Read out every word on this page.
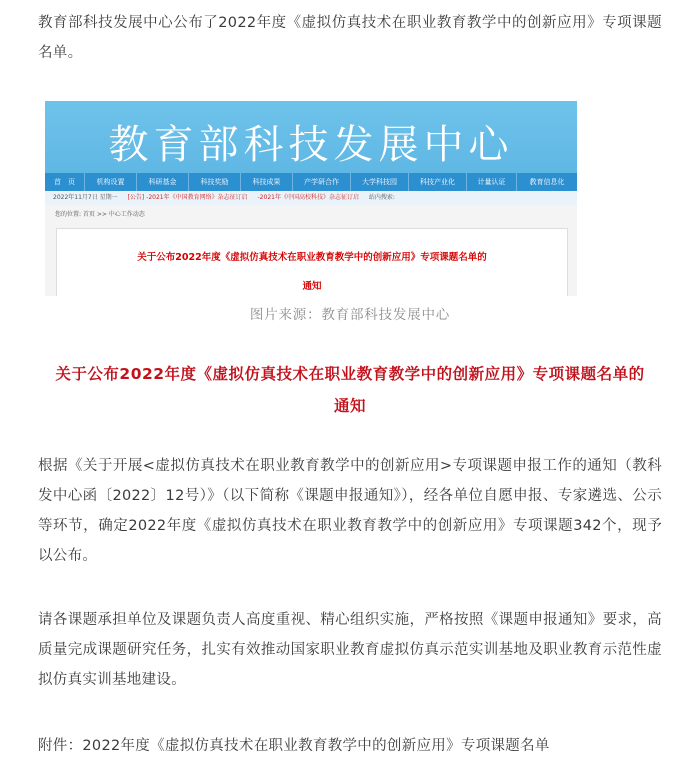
教育部科技发展中心公布了2022年度《虚拟仿真技术在职业教育教学中的创新应用》专项课题名单。

教育部科技发展中心
首　页	机构设置	科研基金	科技奖励	科技成果	产学研合作	大学科技园	科技产业化	计量认证	教育信息化
2022年11月7日 星期一 [公告] -2021年《中国教育网络》杂志征订启 -2021年《中国高校科技》杂志征订启 站内搜索:
您的位置: 首页 >> 中心工作动态
关于公布2022年度《虚拟仿真技术在职业教育教学中的创新应用》专项课题名单的
通知
图片来源：教育部科技发展中心
关于公布2022年度《虚拟仿真技术在职业教育教学中的创新应用》专项课题名单的
通知

根据《关于开展<虚拟仿真技术在职业教育教学中的创新应用>专项课题申报工作的通知（教科发中心函〔2022〕12号）》（以下简称《课题申报通知》），经各单位自愿申报、专家遴选、公示等环节，确定2022年度《虚拟仿真技术在职业教育教学中的创新应用》专项课题342个，现予以公布。

请各课题承担单位及课题负责人高度重视、精心组织实施，严格按照《课题申报通知》要求，高质量完成课题研究任务，扎实有效推动国家职业教育虚拟仿真示范实训基地及职业教育示范性虚拟仿真实训基地建设。

附件：2022年度《虚拟仿真技术在职业教育教学中的创新应用》专项课题名单
